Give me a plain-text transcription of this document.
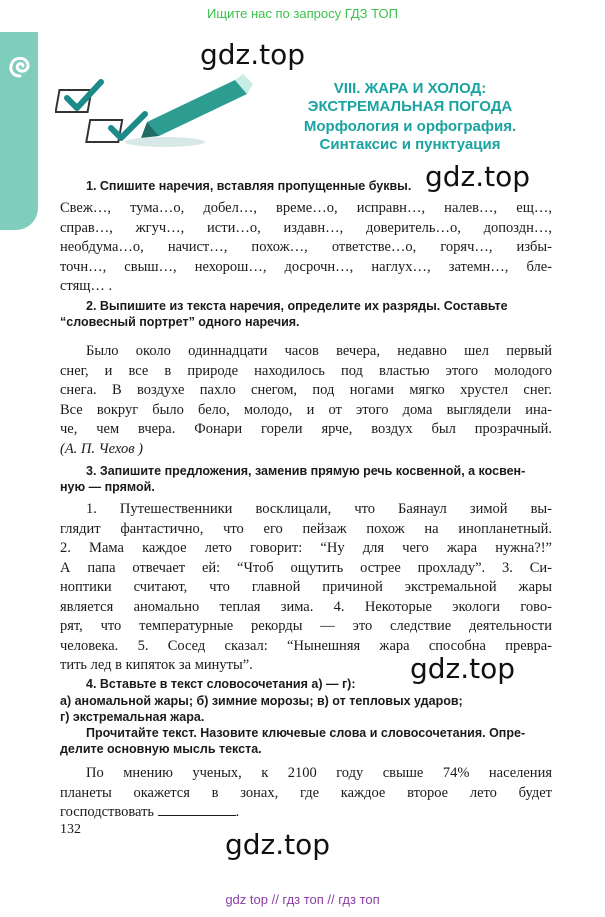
Ищите нас по запросу ГДЗ ТОП
gdz.top
VIII. ЖАРА И ХОЛОД:
ЭКСТРЕМАЛЬНАЯ ПОГОДА
Морфология и орфография.
Синтаксис и пунктуация
1. Спишите наречия, вставляя пропущенные буквы. gdz.top
Свеж…, тума…о, добел…, време…о, исправн…, налев…, ещ…,
справ…, жгуч…, исти…о, издавн…, доверитель…о, допоздн…,
необдума…о, начист…, похож…, ответстве…о, горяч…, избы-
точн…, свыш…, нехорош…, досрочн…, наглух…, затемн…, бле-
стящ… .
2. Выпишите из текста наречия, определите их разряды. Составьте
“словесный портрет” одного наречия.
Было около одиннадцати часов вечера, недавно шел первый
снег, и все в природе находилось под властью этого молодого
снега. В воздухе пахло снегом, под ногами мягко хрустел снег.
Все вокруг было бело, молодо, и от этого дома выглядели ина-
че, чем вчера. Фонари горели ярче, воздух был прозрачный.
(А. П. Чехов )
3. Запишите предложения, заменив прямую речь косвенной, а косвен-
ную — прямой.
1. Путешественники восклицали, что Баянаул зимой вы-
глядит фантастично, что его пейзаж похож на инопланетный.
2. Мама каждое лето говорит: “Ну для чего жара нужна?!”
А папа отвечает ей: “Чтоб ощутить острее прохладу”. 3. Си-
ноптики считают, что главной причиной экстремальной жары
является аномально теплая зима. 4. Некоторые экологи гово-
рят, что температурные рекорды — это следствие деятельности
человека. 5. Сосед сказал: “Нынешняя жара способна превра-
тить лед в кипяток за минуты”.	gdz.top
4. Вставьте в текст словосочетания а) — г):
а) аномальной жары; б) зимние морозы; в) от тепловых ударов;
г) экстремальная жара.
Прочитайте текст. Назовите ключевые слова и словосочетания. Опре-
делите основную мысль текста.
По мнению ученых, к 2100 году свыше 74% населения
планеты окажется в зонах, где каждое второе лето будет
господствовать	.
132	gdz.top
gdz top // гдз топ // гдз топ
